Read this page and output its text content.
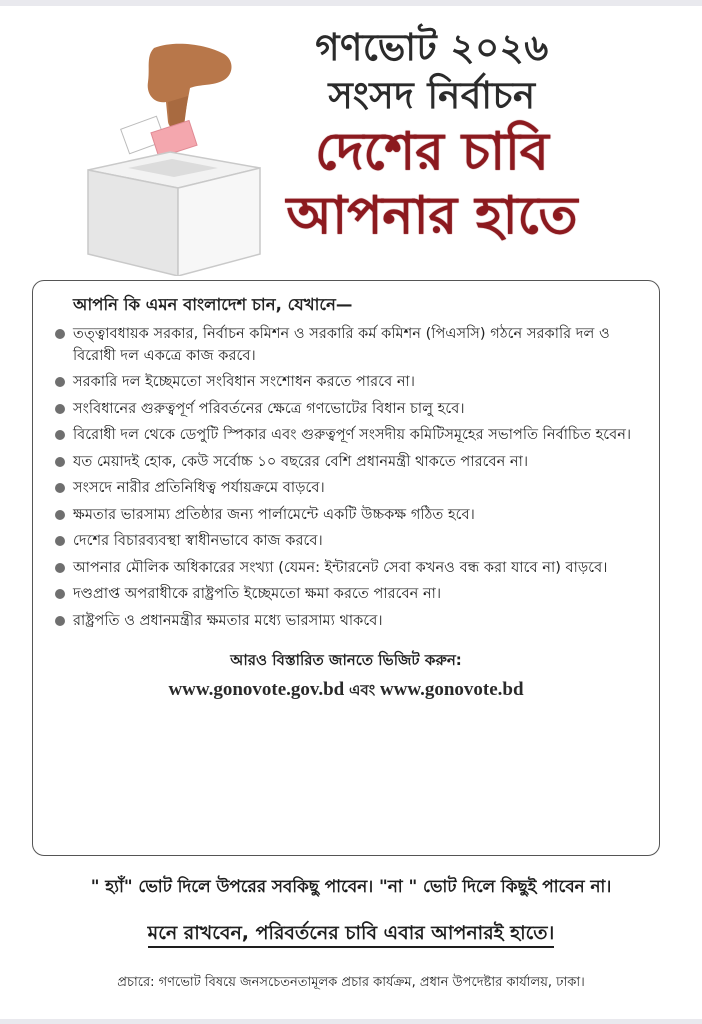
গণভোট ২০২৬
সংসদ নির্বাচন
দেশের চাবি
আপনার হাতে
আপনি কি এমন বাংলাদেশ চান, যেখানে—
তত্ত্বাবধায়ক সরকার, নির্বাচন কমিশন ও সরকারি কর্ম কমিশন (পিএসসি) গঠনে সরকারি দল ও বিরোধী দল একত্রে কাজ করবে।
সরকারি দল ইচ্ছেমতো সংবিধান সংশোধন করতে পারবে না।
সংবিধানের গুরুত্বপূর্ণ পরিবর্তনের ক্ষেত্রে গণভোটের বিধান চালু হবে।
বিরোধী দল থেকে ডেপুটি স্পিকার এবং গুরুত্বপূর্ণ সংসদীয় কমিটিসমূহের সভাপতি নির্বাচিত হবেন।
যত মেয়াদই হোক, কেউ সর্বোচ্চ ১০ বছরের বেশি প্রধানমন্ত্রী থাকতে পারবেন না।
সংসদে নারীর প্রতিনিধিত্ব পর্যায়ক্রমে বাড়বে।
ক্ষমতার ভারসাম্য প্রতিষ্ঠার জন্য পার্লামেন্টে একটি উচ্চকক্ষ গঠিত হবে।
দেশের বিচারব্যবস্থা স্বাধীনভাবে কাজ করবে।
আপনার মৌলিক অধিকারের সংখ্যা (যেমন: ইন্টারনেট সেবা কখনও বন্ধ করা যাবে না) বাড়বে।
দণ্ডপ্রাপ্ত অপরাধীকে রাষ্ট্রপতি ইচ্ছেমতো ক্ষমা করতে পারবেন না।
রাষ্ট্রপতি ও প্রধানমন্ত্রীর ক্ষমতার মধ্যে ভারসাম্য থাকবে।
আরও বিস্তারিত জানতে ভিজিট করুন:
www.gonovote.gov.bd এবং www.gonovote.bd
" হ্যাঁ" ভোট দিলে উপরের সবকিছু পাবেন। "না " ভোট দিলে কিছুই পাবেন না।
মনে রাখবেন, পরিবর্তনের চাবি এবার আপনারই হাতে।
প্রচারে: গণভোট বিষয়ে জনসচেতনতামূলক প্রচার কার্যক্রম, প্রধান উপদেষ্টার কার্যালয়, ঢাকা।
